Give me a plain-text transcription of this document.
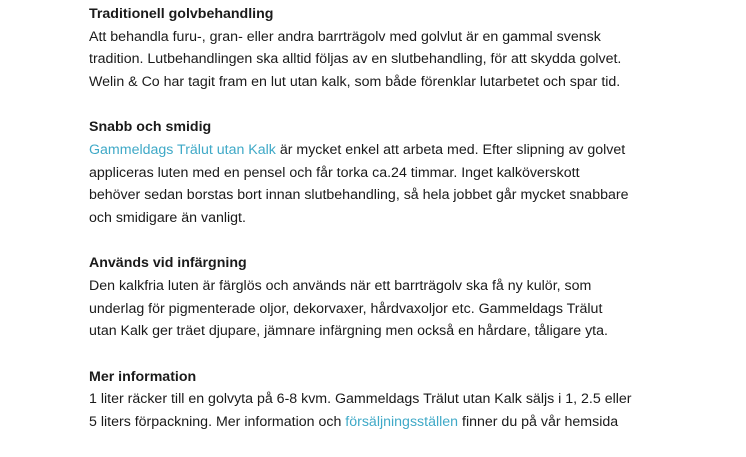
Traditionell golvbehandling

Att behandla furu-, gran- eller andra barrträgolv med golvlut är en gammal svensk
tradition. Lutbehandlingen ska alltid följas av en slutbehandling, för att skydda golvet.
Welin & Co har tagit fram en lut utan kalk, som både förenklar lutarbetet och spar tid.

Snabb och smidig

Gammeldags Trälut utan Kalk är mycket enkel att arbeta med. Efter slipning av golvet
appliceras luten med en pensel och får torka ca.24 timmar. Inget kalköverskott
behöver sedan borstas bort innan slutbehandling, så hela jobbet går mycket snabbare
och smidigare än vanligt.

Används vid infärgning

Den kalkfria luten är färglös och används när ett barrträgolv ska få ny kulör, som
underlag för pigmenterade oljor, dekorvaxer, hårdvaxoljor etc. Gammeldags Trälut
utan Kalk ger träet djupare, jämnare infärgning men också en hårdare, tåligare yta.

Mer information

1 liter räcker till en golvyta på 6-8 kvm. Gammeldags Trälut utan Kalk säljs i 1, 2.5 eller
5 liters förpackning. Mer information och försäljningsställen finner du på vår hemsida
